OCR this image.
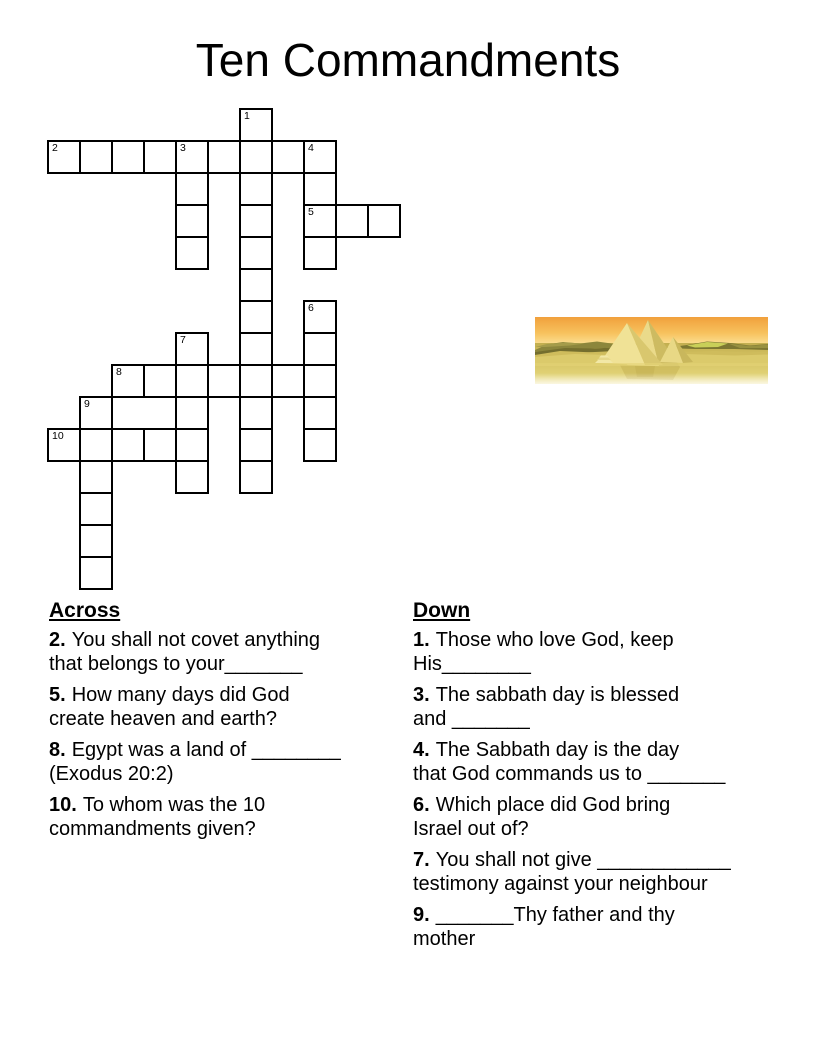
Ten Commandments
1
2	3	4
5
6
7
8
9
10
Across
2. You shall not covet anything
that belongs to your_______
5. How many days did God
create heaven and earth?
8. Egypt was a land of ________
(Exodus 20:2)
10. To whom was the 10
commandments given?
Down
1. Those who love God, keep
His________
3. The sabbath day is blessed
and _______
4. The Sabbath day is the day
that God commands us to _______
6. Which place did God bring
Israel out of?
7. You shall not give ____________
testimony against your neighbour
9. _______Thy father and thy
mother
